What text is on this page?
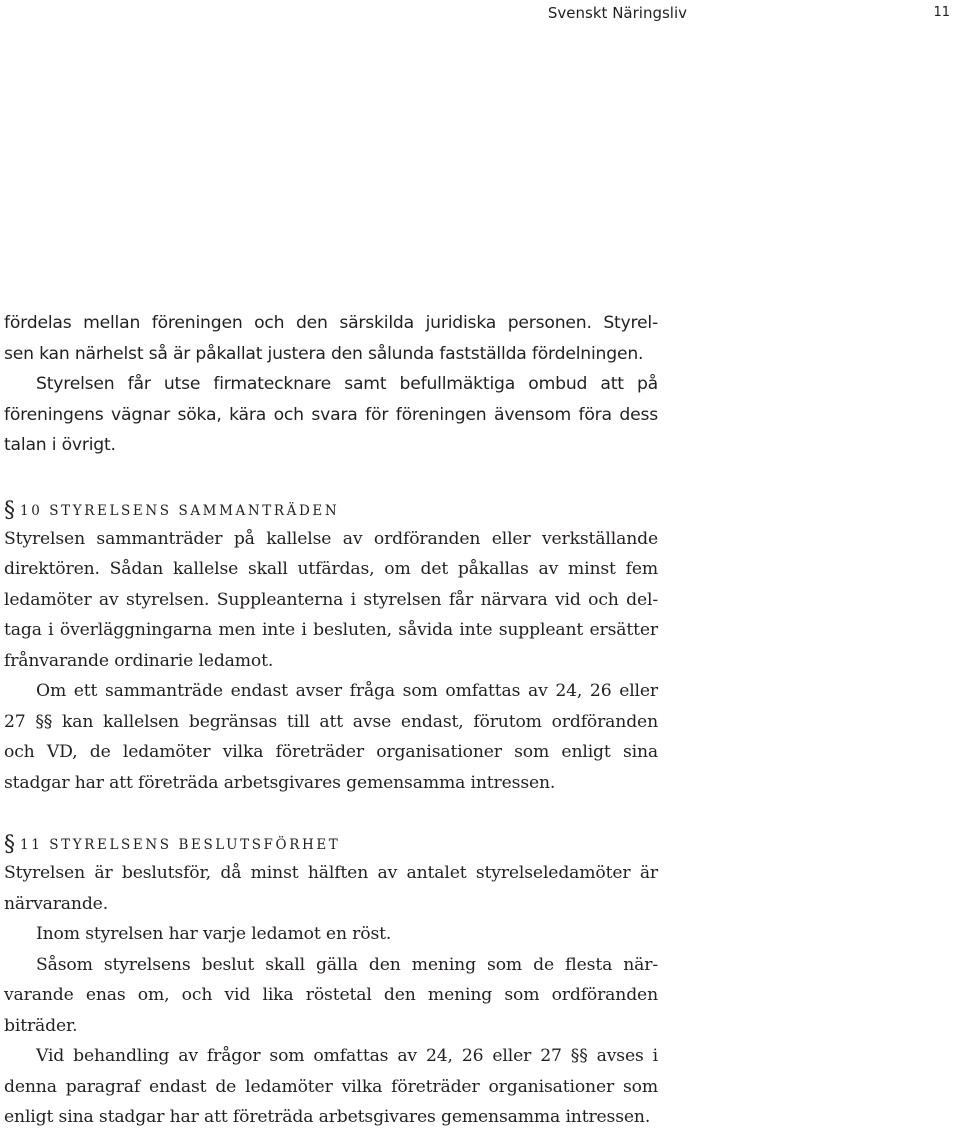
Svenskt Näringsliv	11

fördelas mellan föreningen och den särskilda juridiska personen. Styrel-

sen kan närhelst så är påkallat justera den sålunda fastställda fördelningen.

Styrelsen får utse firmatecknare samt befullmäktiga ombud att på

föreningens vägnar söka, kära och svara för föreningen ävensom föra dess

talan i övrigt.

§ 10 STYRELSENS SAMMANTRÄDEN

Styrelsen sammanträder på kallelse av ordföranden eller verkställande

direktören. Sådan kallelse skall utfärdas, om det påkallas av minst fem

ledamöter av styrelsen. Suppleanterna i styrelsen får närvara vid och del-

taga i överläggningarna men inte i besluten, såvida inte suppleant ersätter

frånvarande ordinarie ledamot.

Om ett sammanträde endast avser fråga som omfattas av 24, 26 eller

27 §§ kan kallelsen begränsas till att avse endast, förutom ordföranden

och VD, de ledamöter vilka företräder organisationer som enligt sina

stadgar har att företräda arbetsgivares gemensamma intressen.

§ 11 STYRELSENS BESLUTSFÖRHET

Styrelsen är beslutsför, då minst hälften av antalet styrelseledamöter är

närvarande.

Inom styrelsen har varje ledamot en röst.

Såsom styrelsens beslut skall gälla den mening som de flesta när-

varande enas om, och vid lika röstetal den mening som ordföranden

biträder.

Vid behandling av frågor som omfattas av 24, 26 eller 27 §§ avses i

denna paragraf endast de ledamöter vilka företräder organisationer som

enligt sina stadgar har att företräda arbetsgivares gemensamma intressen.
